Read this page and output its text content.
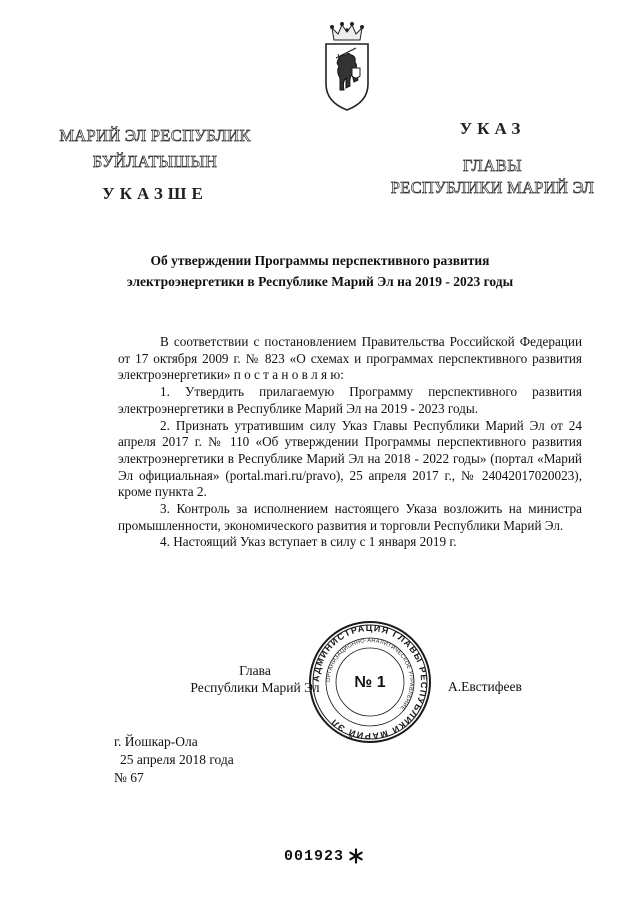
МАРИЙ ЭЛ РЕСПУБЛИК
БУЙЛАТЫШЫН
УКАЗШЕ
УКАЗ
ГЛАВЫ
РЕСПУБЛИКИ МАРИЙ ЭЛ
Об утверждении Программы перспективного развития
электроэнергетики в Республике Марий Эл на 2019 - 2023 годы

В соответствии с постановлением Правительства Российской Федерации от 17 октября 2009 г. № 823 «О схемах и программах перспективного развития электроэнергетики» п о с т а н о в л я ю:

1. Утвердить прилагаемую Программу перспективного развития электроэнергетики в Республике Марий Эл на 2019 - 2023 годы.

2. Признать утратившим силу Указ Главы Республики Марий Эл от 24 апреля 2017 г. № 110 «Об утверждении Программы перспективного развития электроэнергетики в Республике Марий Эл на 2018 - 2022 годы» (портал «Марий Эл официальная» (portal.mari.ru/pravo), 25 апреля 2017 г., № 24042017020023), кроме пункта 2.

3. Контроль за исполнением настоящего Указа возложить на министра промышленности, экономического развития и торговли Республики Марий Эл.

4. Настоящий Указ вступает в силу с 1 января 2019 г.

Глава
Республики Марий Эл	А.Евстифеев
АДМИНИСТРАЦИЯ ГЛАВЫ РЕСПУБЛИКИ МАРИЙ ЭЛ
ОРГАНИЗАЦИОННО-АНАЛИТИЧЕСКОЕ УПРАВЛЕНИЕ
№ 1
г. Йошкар-Ола
25 апреля 2018 года
№ 67
001923
